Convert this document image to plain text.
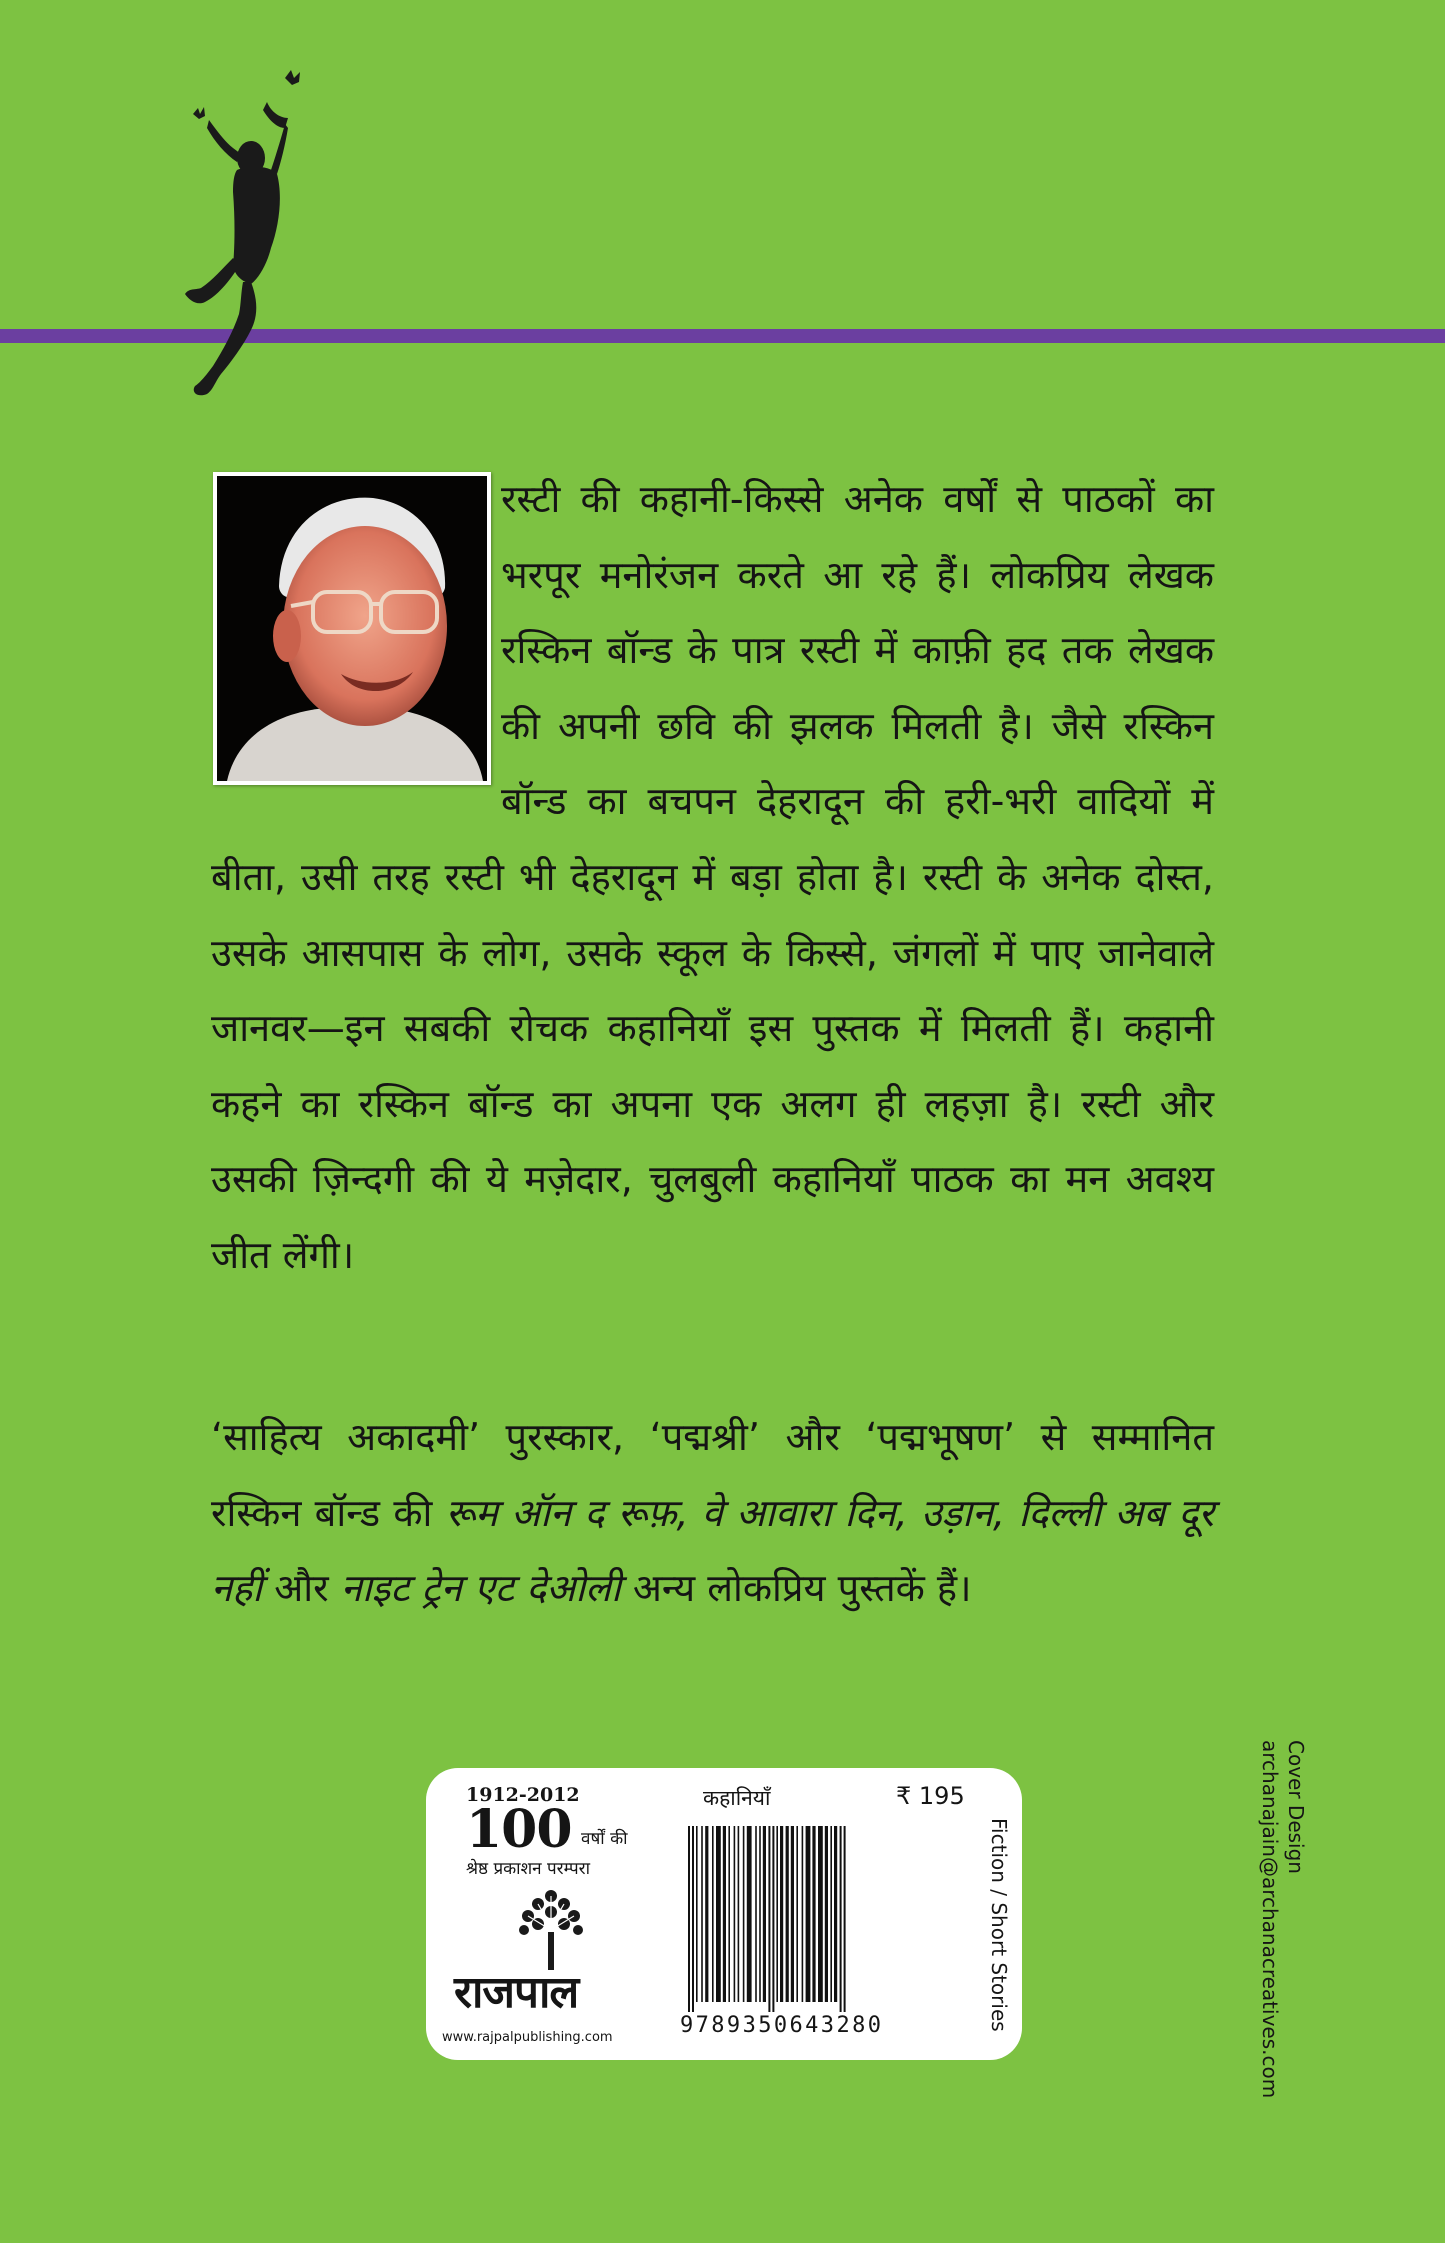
रस्टी की कहानी-किस्से अनेक वर्षों से पाठकों का भरपूर मनोरंजन करते आ रहे हैं। लोकप्रिय लेखक रस्किन बॉन्ड के पात्र रस्टी में काफ़ी हद तक लेखक की अपनी छवि की झलक मिलती है। जैसे रस्किन बॉन्ड का बचपन देहरादून की हरी-भरी वादियों में बीता, उसी तरह रस्टी भी देहरादून में बड़ा होता है। रस्टी के अनेक दोस्त, उसके आसपास के लोग, उसके स्कूल के किस्से, जंगलों में पाए जानेवाले जानवर—इन सबकी रोचक कहानियाँ इस पुस्तक में मिलती हैं। कहानी कहने का रस्किन बॉन्ड का अपना एक अलग ही लहज़ा है। रस्टी और उसकी ज़िन्दगी की ये मज़ेदार, चुलबुली कहानियाँ पाठक का मन अवश्य जीत लेंगी।

‘साहित्य अकादमी’ पुरस्कार, ‘पद्मश्री’ और ‘पद्मभूषण’ से सम्मानित रस्किन बॉन्ड की रूम ऑन द रूफ़, वे आवारा दिन, उड़ान, दिल्ली अब दूर नहीं और नाइट ट्रेन एट देओली अन्य लोकप्रिय पुस्तकें हैं।

Cover Design
archanajain@archanacreatives.com
1912-2012
100 वर्षों की
श्रेष्ठ प्रकाशन परम्परा
राजपाल
www.rajpalpublishing.com
कहानियाँ	₹ 195
9789350643280	Fiction / Short Stories
